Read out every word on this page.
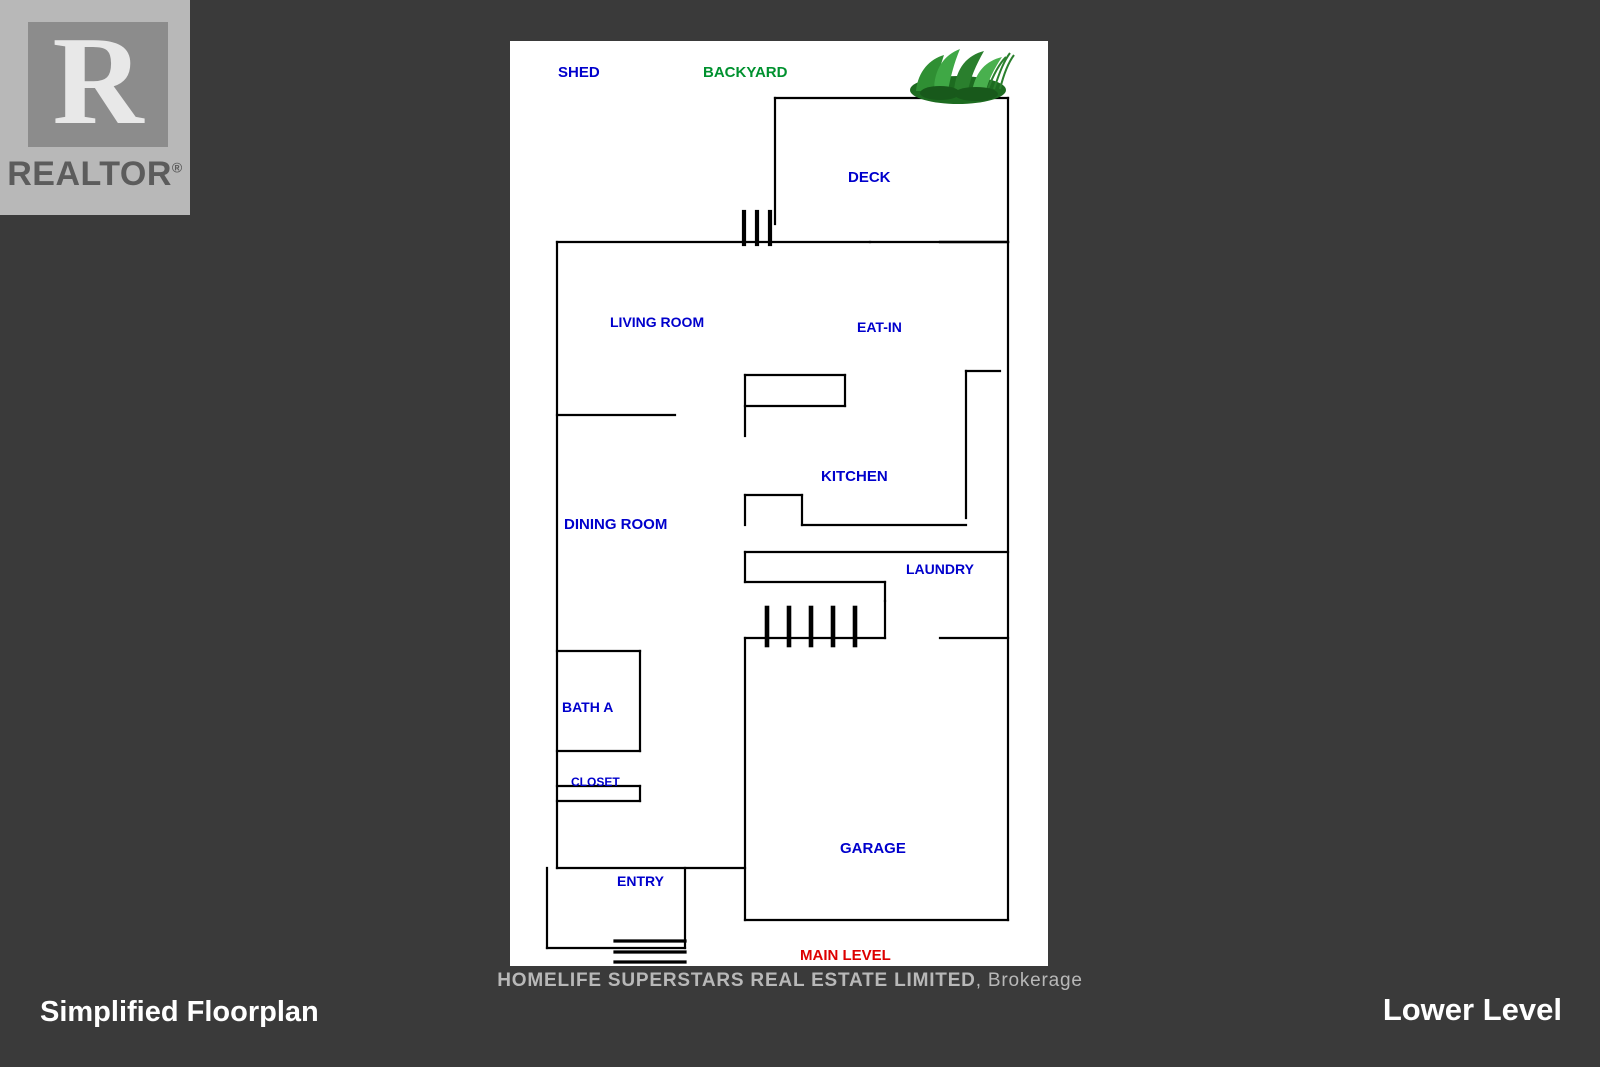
R
REALTOR®
SHED	BACKYARD
DECK
LIVING ROOM	EAT-IN
KITCHEN
DINING ROOM
LAUNDRY
BATH A
CLOSET
GARAGE
ENTRY
MAIN LEVEL
HOMELIFE SUPERSTARS REAL ESTATE LIMITED, Brokerage
Simplified Floorplan	Lower Level
